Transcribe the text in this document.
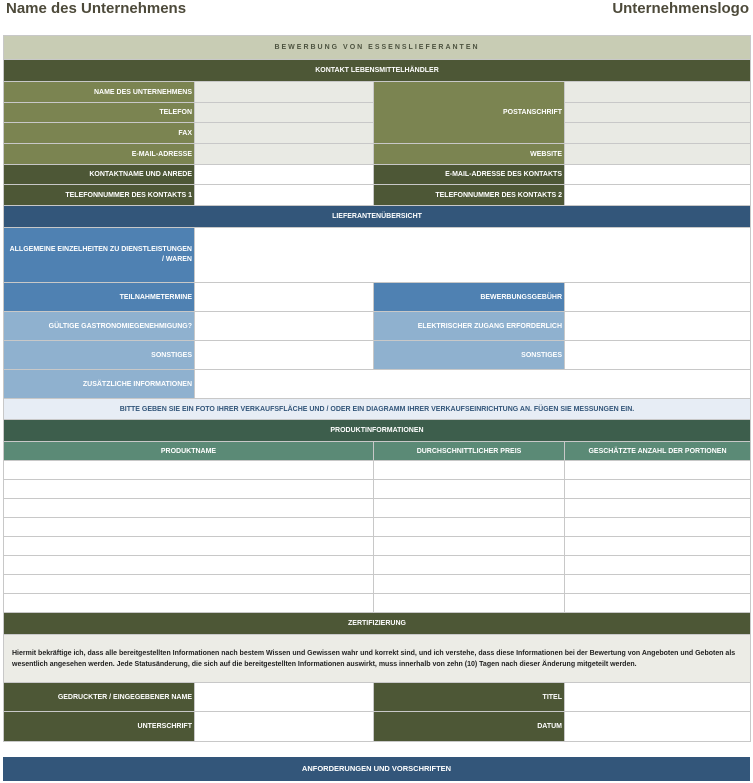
Name des Unternehmens	Unternehmenslogo
BEWERBUNG VON ESSENSLIEFERANTEN			
KONTAKT LEBENSMITTELHÄNDLER			
NAME DES UNTERNEHMENS		POSTANSCHRIFT	
TELEFON			
FAX			
E-MAIL-ADRESSE		WEBSITE	
KONTAKTNAME UND ANREDE		E-MAIL-ADRESSE DES KONTAKTS	
TELEFONNUMMER DES KONTAKTS 1		TELEFONNUMMER DES KONTAKTS 2	
LIEFERANTENÜBERSICHT			
ALLGEMEINE EINZELHEITEN ZU DIENSTLEISTUNGEN / WAREN			
TEILNAHMETERMINE		BEWERBUNGSGEBÜHR	
GÜLTIGE GASTRONOMIEGENEHMIGUNG?		ELEKTRISCHER ZUGANG ERFORDERLICH	
SONSTIGES		SONSTIGES	
ZUSÄTZLICHE INFORMATIONEN			
BITTE GEBEN SIE EIN FOTO IHRER VERKAUFSFLÄCHE UND / ODER EIN DIAGRAMM IHRER VERKAUFSEINRICHTUNG AN. FÜGEN SIE MESSUNGEN EIN.			
PRODUKTINFORMATIONEN			
PRODUKTNAME		DURCHSCHNITTLICHER PREIS	GESCHÄTZTE ANZAHL DER PORTIONEN

ZERTIFIZIERUNG			
Hiermit bekräftige ich, dass alle bereitgestellten Informationen nach bestem Wissen und Gewissen wahr und korrekt sind, und ich verstehe, dass diese Informationen bei der Bewertung von Angeboten und Geboten als wesentlich angesehen werden. Jede Statusänderung, die sich auf die bereitgestellten Informationen auswirkt, muss innerhalb von zehn (10) Tagen nach dieser Änderung mitgeteilt werden.			
GEDRUCKTER / EINGEGEBENER NAME		TITEL	
UNTERSCHRIFT		DATUM	
ANFORDERUNGEN UND VORSCHRIFTEN
